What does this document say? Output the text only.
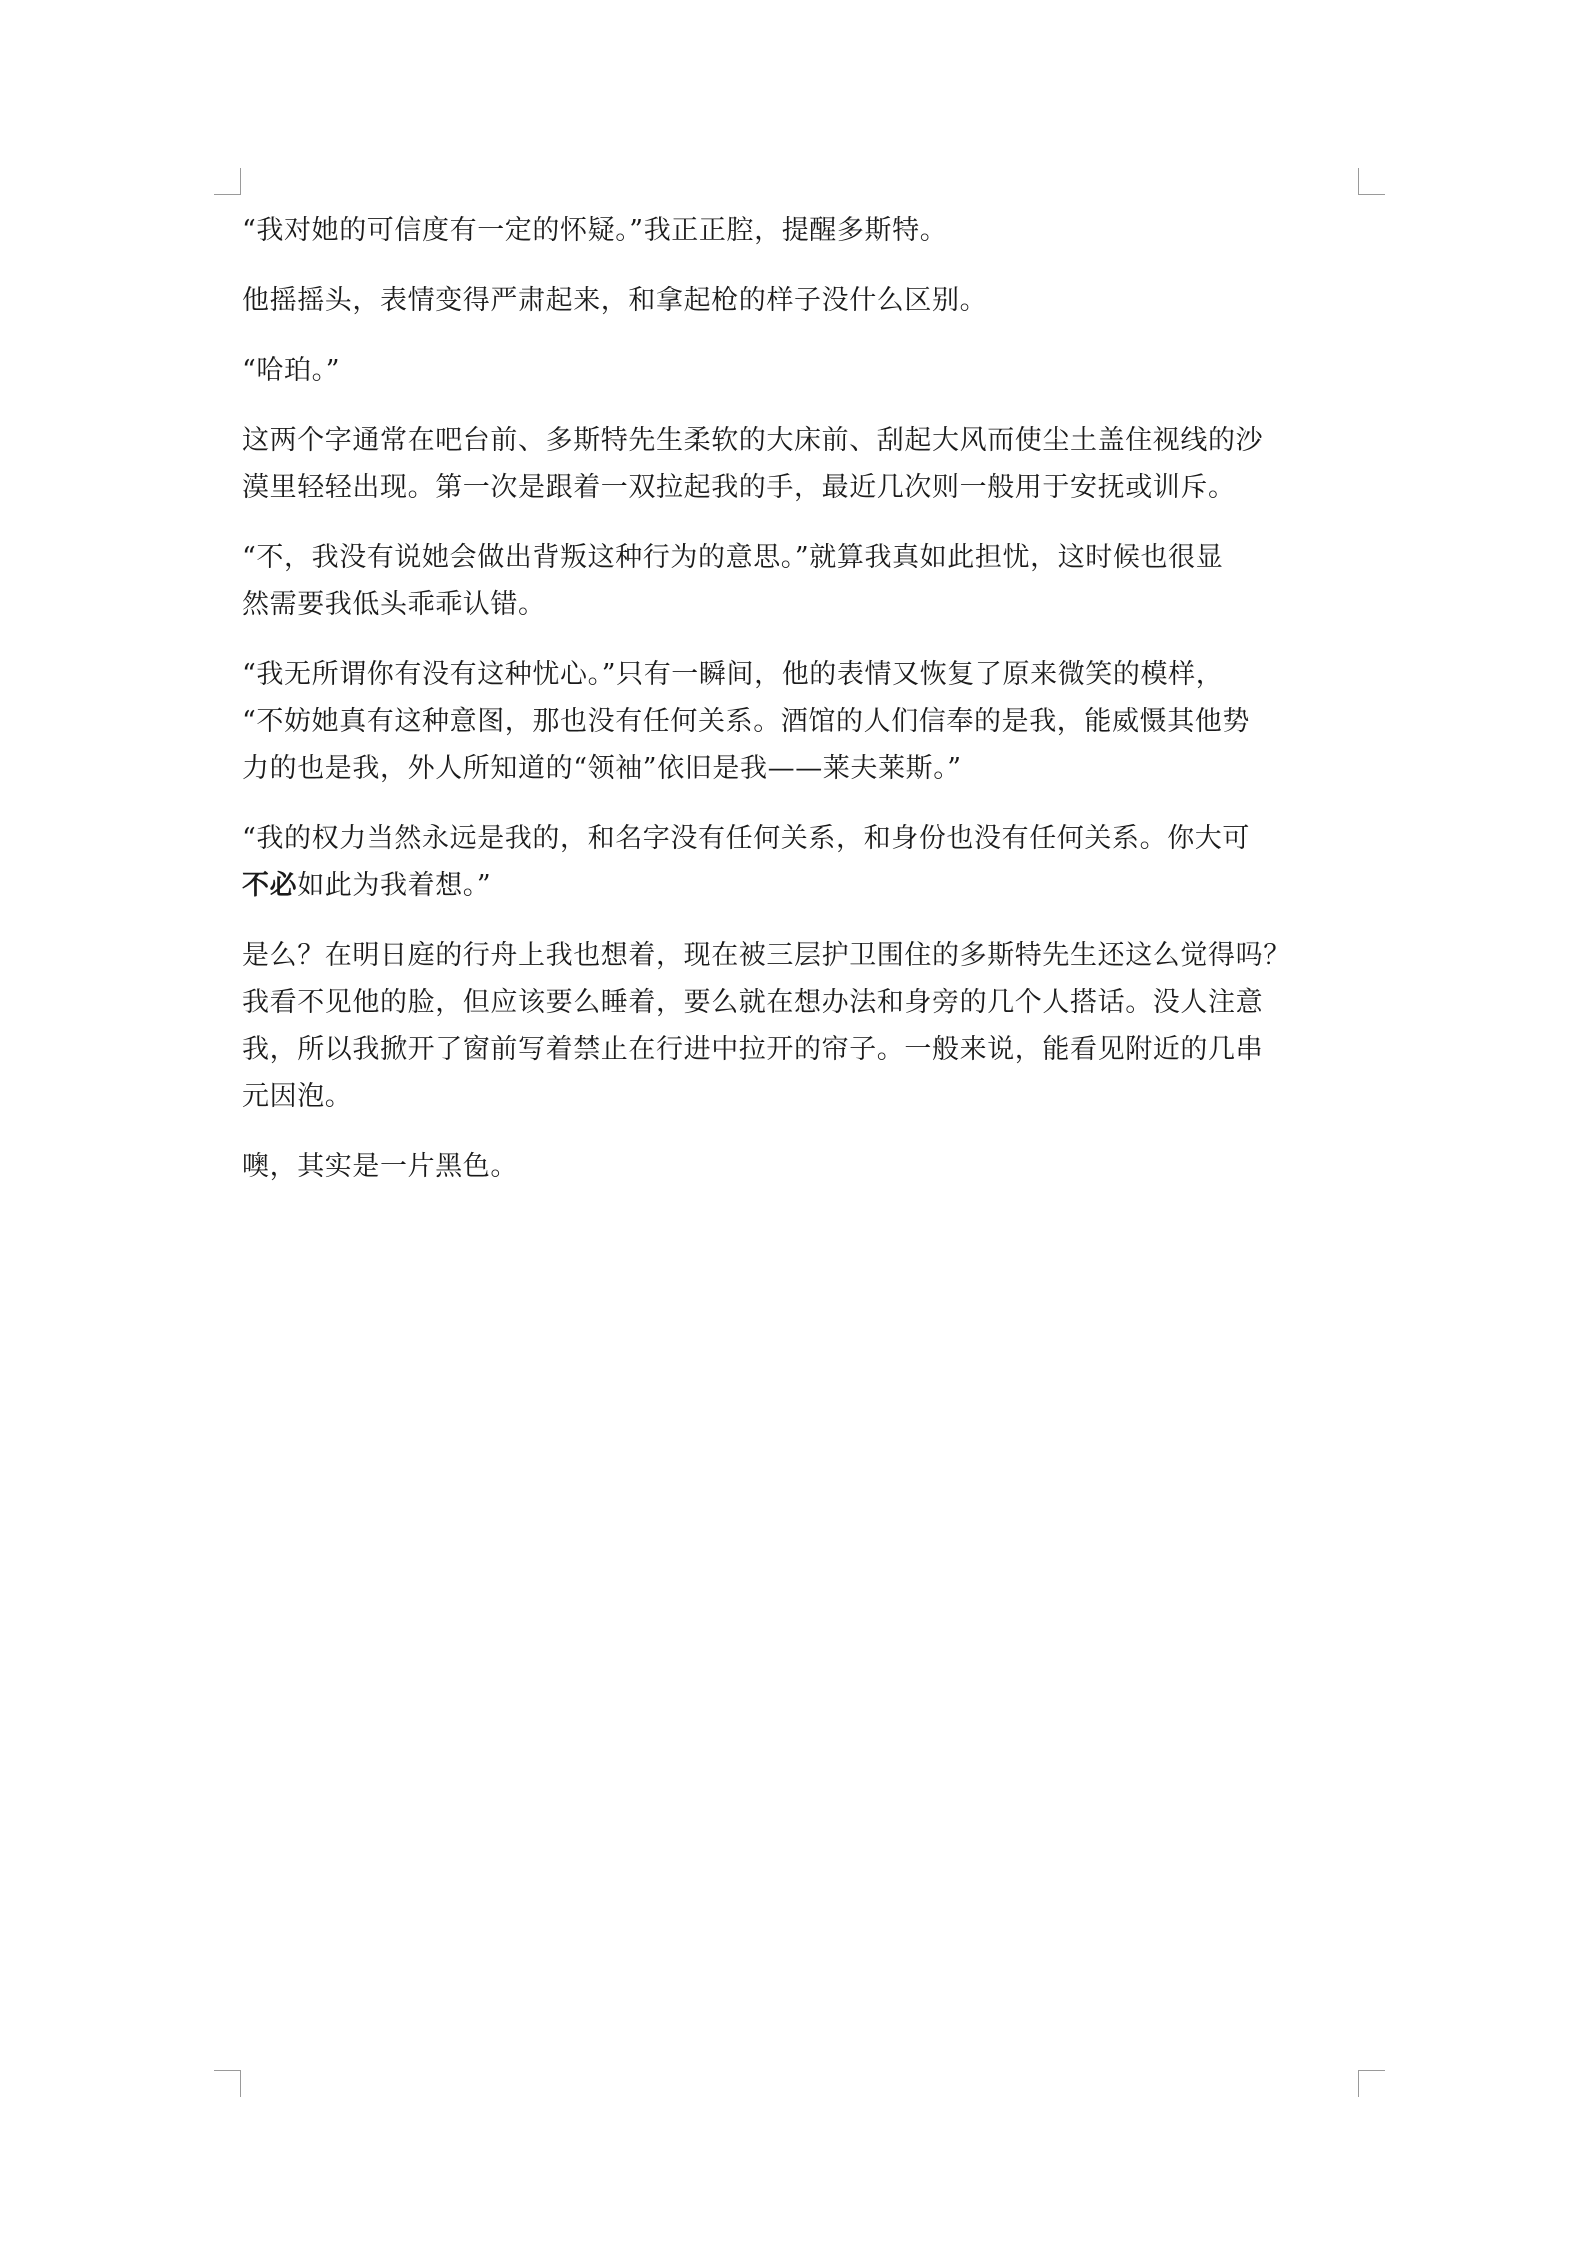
“我对她的可信度有一定的怀疑。”我正正腔，提醒多斯特。

他摇摇头，表情变得严肃起来，和拿起枪的样子没什么区别。

“哈珀。”

这两个字通常在吧台前、多斯特先生柔软的大床前、刮起大风而使尘土盖住视线的沙
漠里轻轻出现。第一次是跟着一双拉起我的手，最近几次则一般用于安抚或训斥。

“不，我没有说她会做出背叛这种行为的意思。”就算我真如此担忧，这时候也很显
然需要我低头乖乖认错。

“我无所谓你有没有这种忧心。”只有一瞬间，他的表情又恢复了原来微笑的模样，
“不妨她真有这种意图，那也没有任何关系。酒馆的人们信奉的是我，能威慑其他势
力的也是我，外人所知道的“领袖”依旧是我——莱夫莱斯。”

“我的权力当然永远是我的，和名字没有任何关系，和身份也没有任何关系。你大可
不必如此为我着想。”

是么？在明日庭的行舟上我也想着，现在被三层护卫围住的多斯特先生还这么觉得吗？
我看不见他的脸，但应该要么睡着，要么就在想办法和身旁的几个人搭话。没人注意
我，所以我掀开了窗前写着禁止在行进中拉开的帘子。一般来说，能看见附近的几串
元因泡。

噢，其实是一片黑色。
